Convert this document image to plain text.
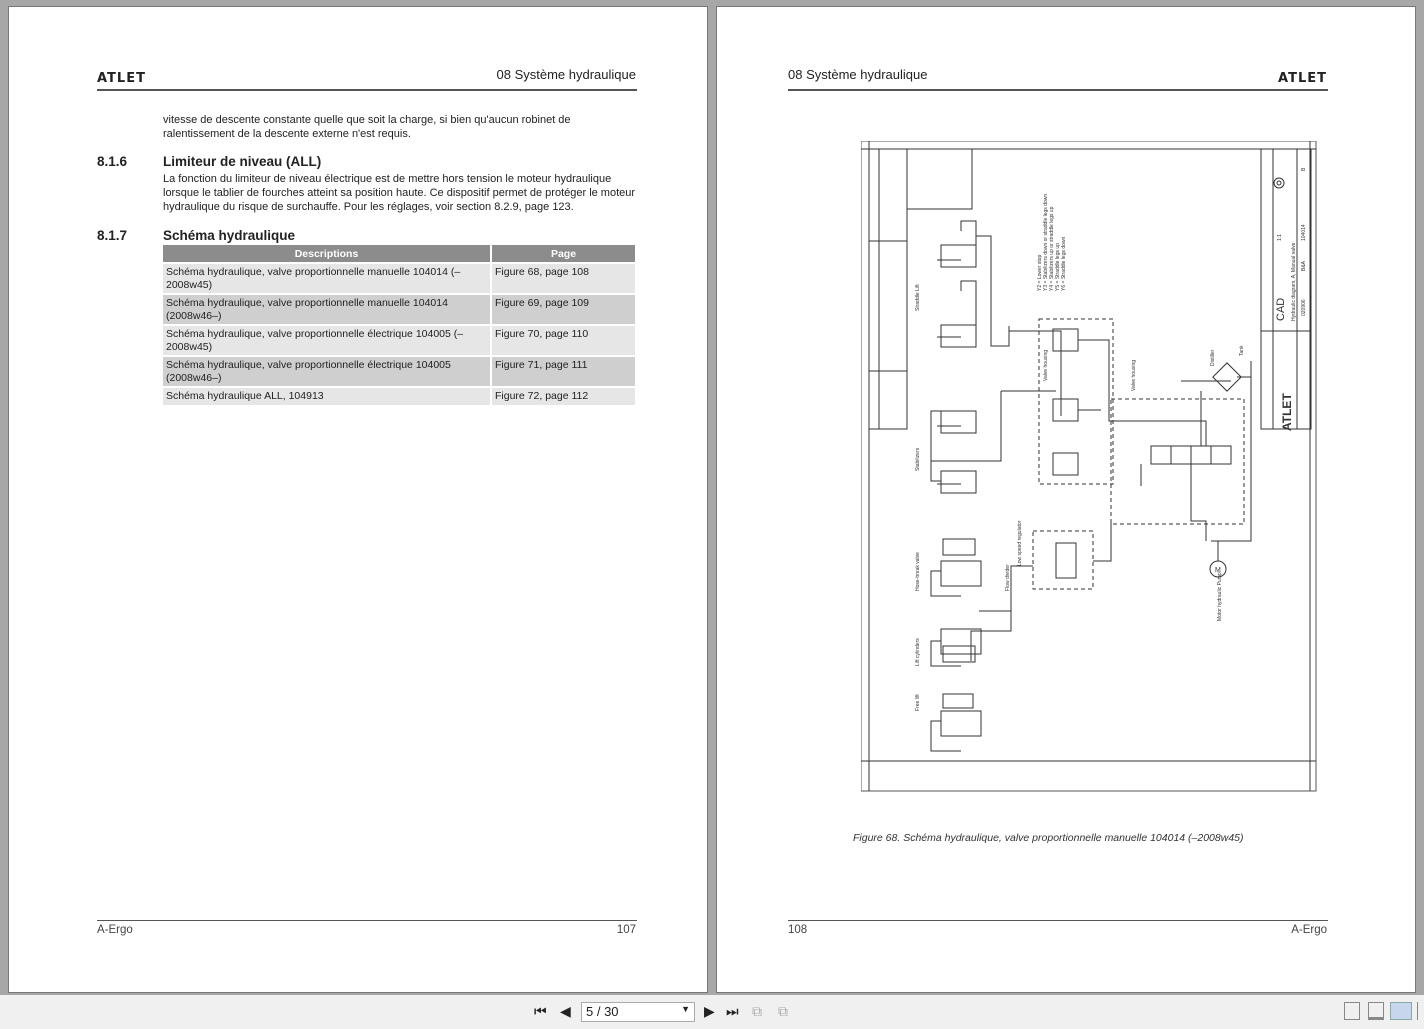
ATLET	08 Système hydraulique
vitesse de descente constante quelle que soit la charge, si bien qu'aucun robinet de ralentissement de la descente externe n'est requis.
8.1.6	Limiteur de niveau (ALL)
La fonction du limiteur de niveau électrique est de mettre hors tension le moteur hydraulique lorsque le tablier de fourches atteint sa position haute. Ce dispositif permet de protéger le moteur hydraulique du risque de surchauffe. Pour les réglages, voir section 8.2.9, page 123.
8.1.7	Schéma hydraulique
Descriptions	Page
Schéma hydraulique, valve proportionnelle manuelle 104014 (–2008w45)	Figure 68, page 108
Schéma hydraulique, valve proportionnelle manuelle 104014 (2008w46–)	Figure 69, page 109
Schéma hydraulique, valve proportionnelle électrique 104005 (–2008w45)	Figure 70, page 110
Schéma hydraulique, valve proportionnelle électrique 104005 (2008w46–)	Figure 71, page 111
Schéma hydraulique ALL, 104913	Figure 72, page 112
A-Ergo	107
08 Système hydraulique	ATLET
M
Straddle Lift
Stabilizers
Valve housing	Valve housing
Distiller	Tank
Hose-break valve
Lift cylinders
Free lift
Flow divider
Low speed regulator
Motor hydraulic Pump
Y2 = Lower stop Y3 = Stabilizers down or straddle legs down Y4 = Stabilizers up or straddle legs up Y5 = Straddle legs up Y6 = Straddle legs down
CAD Hydraulic diagram, A, Manual valve 020906
B&A
104014
B
1:1
ATLET
Figure 68. Schéma hydraulique, valve proportionnelle manuelle 104014 (–2008w45)
108	A-Ergo
⏮ ◀	5 / 30	▼ ▶ ⏭ ⧉ ⧉
